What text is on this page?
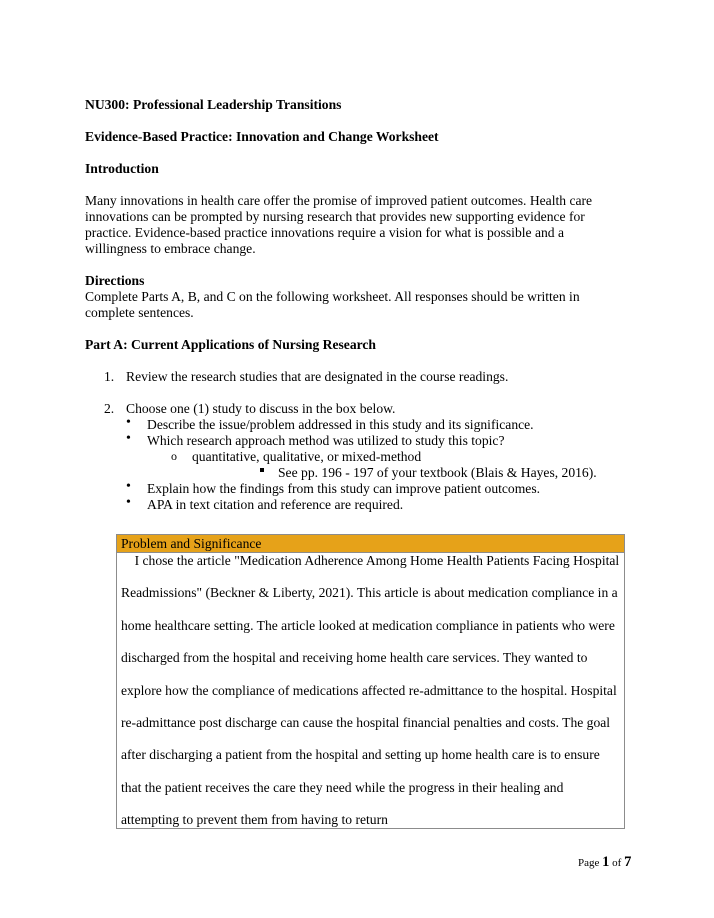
NU300: Professional Leadership Transitions

Evidence-Based Practice: Innovation and Change Worksheet

Introduction

Many innovations in health care offer the promise of improved patient outcomes. Health care innovations can be prompted by nursing research that provides new supporting evidence for practice. Evidence-based practice innovations require a vision for what is possible and a willingness to embrace change.

Directions

Complete Parts A, B, and C on the following worksheet. All responses should be written in complete sentences.

Part A: Current Applications of Nursing Research

1. Review the research studies that are designated in the course readings.
2. Choose one (1) study to discuss in the box below.
• Describe the issue/problem addressed in this study and its significance.
• Which research approach method was utilized to study this topic?
o quantitative, qualitative, or mixed-method
See pp. 196 - 197 of your textbook (Blais & Hayes, 2016).
• Explain how the findings from this study can improve patient outcomes.
• APA in text citation and reference are required.
Problem and Significance
I chose the article "Medication Adherence Among Home Health Patients Facing Hospital Readmissions" (Beckner & Liberty, 2021). This article is about medication compliance in a home healthcare setting. The article looked at medication compliance in patients who were discharged from the hospital and receiving home health care services. They wanted to explore how the compliance of medications affected re-admittance to the hospital. Hospital re-admittance post discharge can cause the hospital financial penalties and costs. The goal after discharging a patient from the hospital and setting up home health care is to ensure that the patient receives the care they need while the progress in their healing and attempting to prevent them from having to return
Page 1 of 7
